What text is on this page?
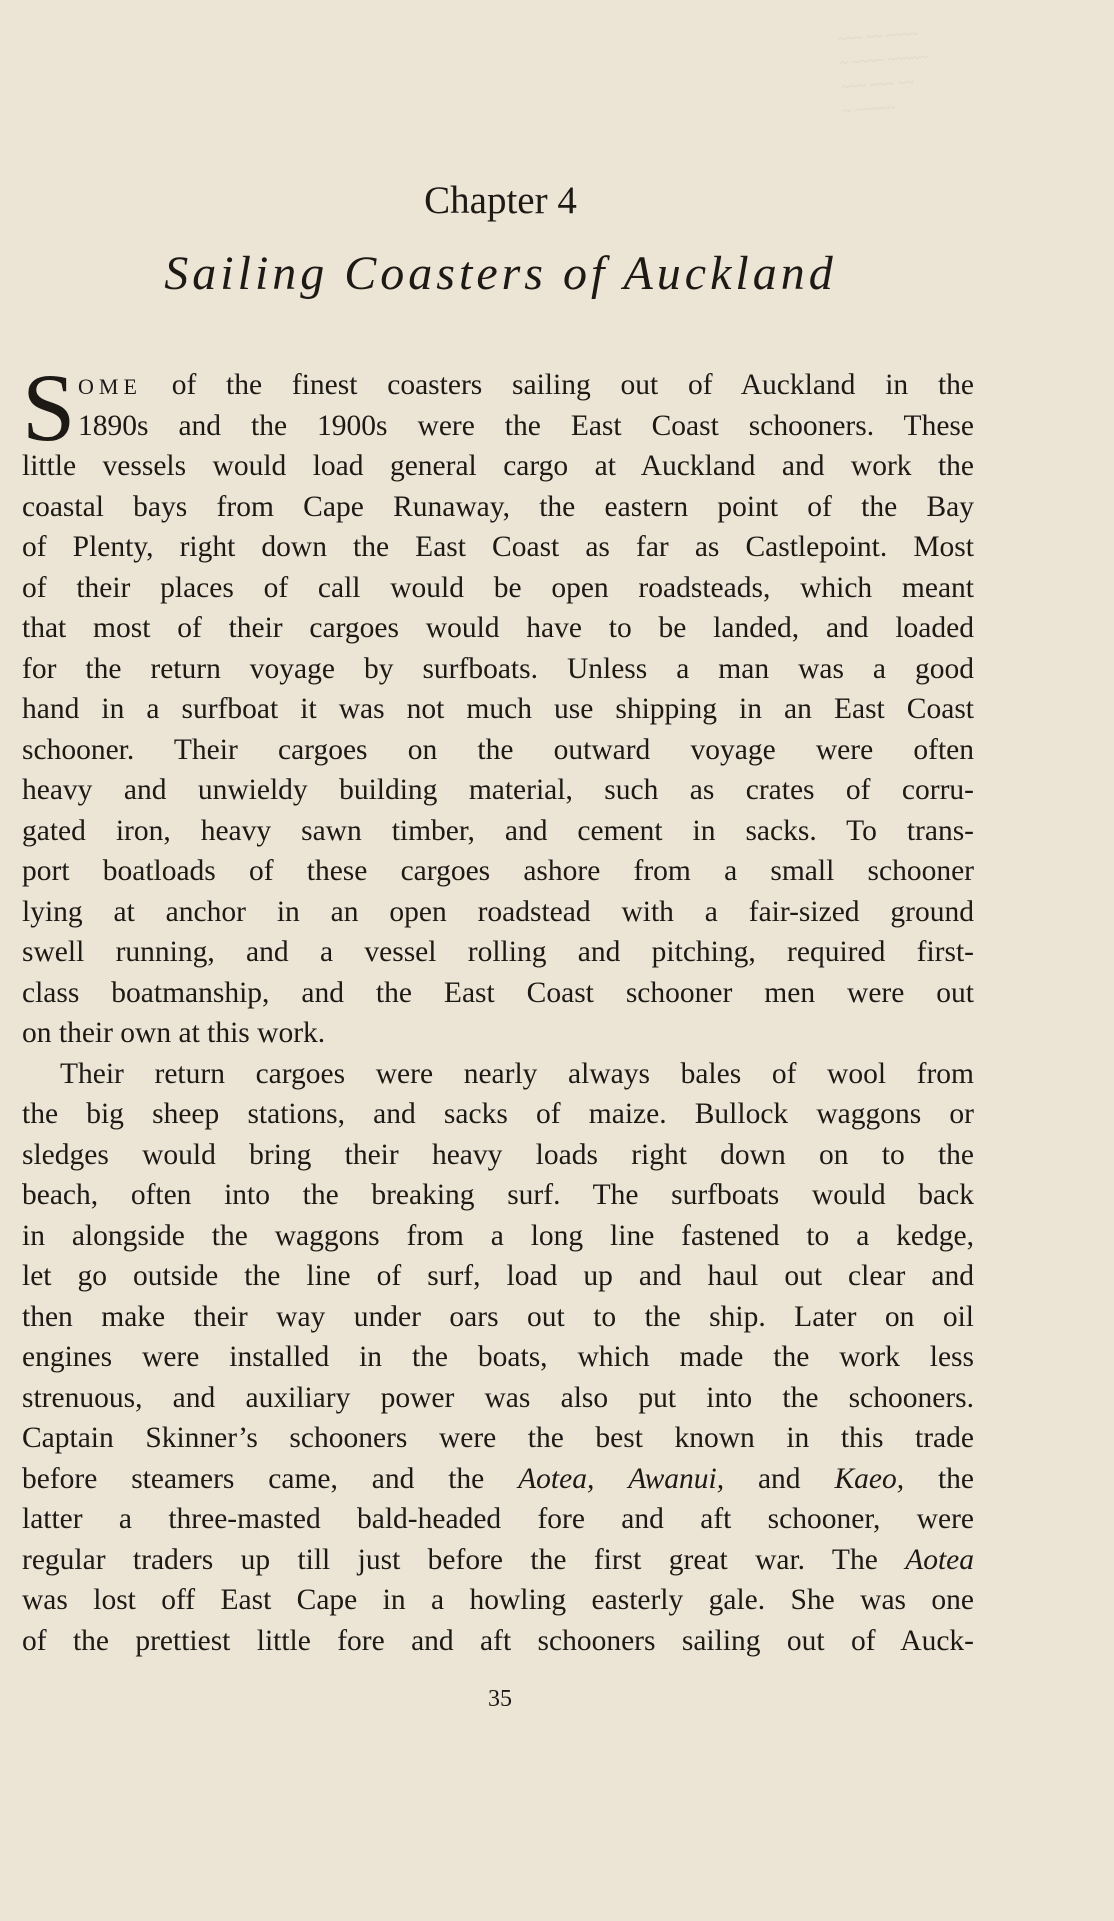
~~~ ~~ ~~~~
~ ~~~~ ~~~~~
~~~ ~~~ ~~
~ ~~~~~
Chapter 4
Sailing Coasters of Auckland
S OME of the finest coasters sailing out of Auckland in the
1890s and the 1900s were the East Coast schooners. These
little vessels would load general cargo at Auckland and work the
coastal bays from Cape Runaway, the eastern point of the Bay
of Plenty, right down the East Coast as far as Castlepoint. Most
of their places of call would be open roadsteads, which meant
that most of their cargoes would have to be landed, and loaded
for the return voyage by surfboats. Unless a man was a good
hand in a surfboat it was not much use shipping in an East Coast
schooner. Their cargoes on the outward voyage were often
heavy and unwieldy building material, such as crates of corru-
gated iron, heavy sawn timber, and cement in sacks. To trans-
port boatloads of these cargoes ashore from a small schooner
lying at anchor in an open roadstead with a fair-sized ground
swell running, and a vessel rolling and pitching, required first-
class boatmanship, and the East Coast schooner men were out
on their own at this work.
Their return cargoes were nearly always bales of wool from
the big sheep stations, and sacks of maize. Bullock waggons or
sledges would bring their heavy loads right down on to the
beach, often into the breaking surf. The surfboats would back
in alongside the waggons from a long line fastened to a kedge,
let go outside the line of surf, load up and haul out clear and
then make their way under oars out to the ship. Later on oil
engines were installed in the boats, which made the work less
strenuous, and auxiliary power was also put into the schooners.
Captain Skinner’s schooners were the best known in this trade
before steamers came, and the Aotea, Awanui, and Kaeo, the
latter a three-masted bald-headed fore and aft schooner, were
regular traders up till just before the first great war. The Aotea
was lost off East Cape in a howling easterly gale. She was one
of the prettiest little fore and aft schooners sailing out of Auck-
35
